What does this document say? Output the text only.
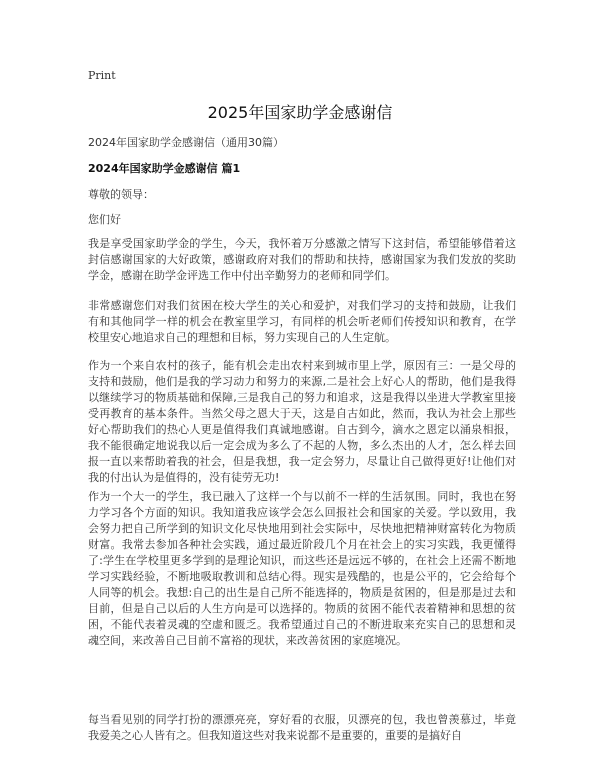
Print
2025年国家助学金感谢信
2024年国家助学金感谢信（通用30篇）
2024年国家助学金感谢信 篇1
尊敬的领导：
您们好

我是享受国家助学金的学生，今天，我怀着万分感激之情写下这封信，希望能够借着这封信感谢国家的大好政策，感谢政府对我们的帮助和扶持，感谢国家为我们发放的奖助学金，感谢在助学金评选工作中付出辛勤努力的老师和同学们。

非常感谢您们对我们贫困在校大学生的关心和爱护，对我们学习的支持和鼓励，让我们有和其他同学一样的机会在教室里学习，有同样的机会听老师们传授知识和教育，在学校里安心地追求自己的理想和目标，努力实现自己的人生定航。

作为一个来自农村的孩子，能有机会走出农村来到城市里上学，原因有三：一是父母的支持和鼓励，他们是我的学习动力和努力的来源,二是社会上好心人的帮助，他们是我得以继续学习的物质基础和保障,三是我自己的努力和追求，这是我得以坐进大学教室里接受再教育的基本条件。当然父母之恩大于天，这是自古如此，然而，我认为社会上那些好心帮助我们的热心人更是值得我们真诚地感谢。自古到今，滴水之恩定以涌泉相报，我不能很确定地说我以后一定会成为多么了不起的人物，多么杰出的人才，怎么样去回报一直以来帮助着我的社会，但是我想，我一定会努力，尽量让自己做得更好!让他们对我的付出认为是值得的，没有徒劳无功!

作为一个大一的学生，我已融入了这样一个与以前不一样的生活氛围。同时，我也在努力学习各个方面的知识。我知道我应该学会怎么回报社会和国家的关爱。学以致用，我会努力把自己所学到的知识文化尽快地用到社会实际中，尽快地把精神财富转化为物质财富。我常去参加各种社会实践，通过最近阶段几个月在社会上的实习实践，我更懂得了:学生在学校里更多学到的是理论知识，而这些还是远远不够的，在社会上还需不断地学习实践经验，不断地吸取教训和总结心得。现实是残酷的，也是公平的，它会给每个人同等的机会。我想:自己的出生是自己所不能选择的，物质是贫困的，但是那是过去和目前，但是自己以后的人生方向是可以选择的。物质的贫困不能代表着精神和思想的贫困，不能代表着灵魂的空虚和匮乏。我希望通过自己的不断进取来充实自己的思想和灵魂空间，来改善自己目前不富裕的现状，来改善贫困的家庭境况。

每当看见别的同学打扮的漂漂亮亮，穿好看的衣服，贝漂亮的包，我也曾羡慕过，毕竟我爱美之心人皆有之。但我知道这些对我来说都不是重要的，重要的是搞好自
